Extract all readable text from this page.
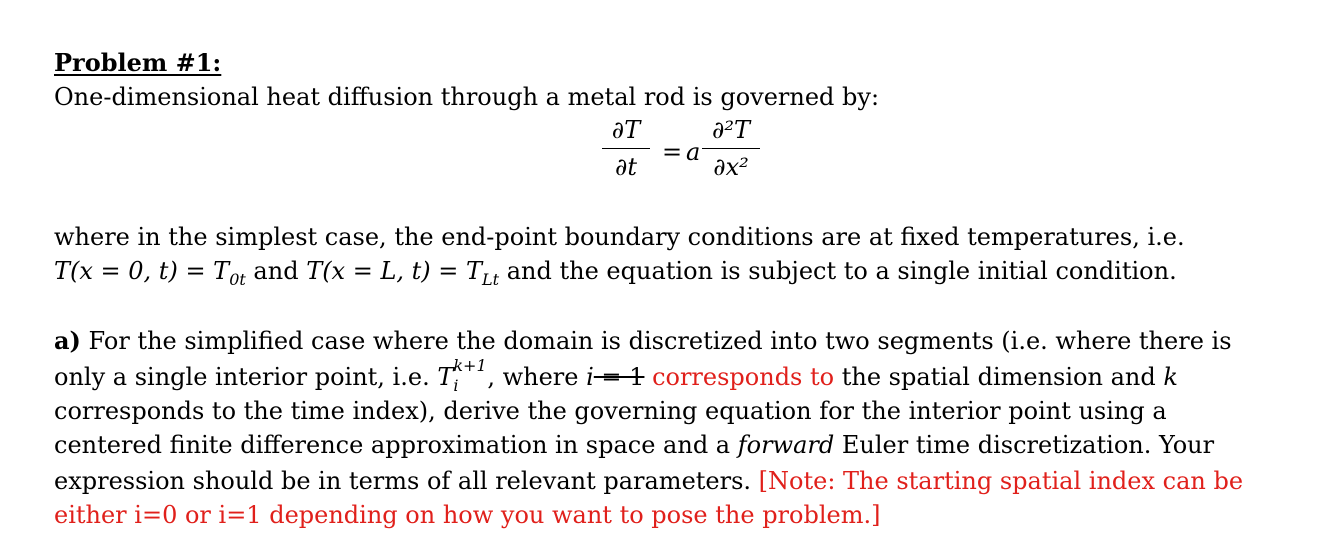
Problem #1:
One-dimensional heat diffusion through a metal rod is governed by:
∂T
∂t
= a
∂²T
∂x²
where in the simplest case, the end-point boundary conditions are at fixed temperatures, i.e.
T(x = 0, $t) = T_{0t}$ and T(x = L, $t) = T_{Lt}$ and the equation is subject to a single initial condition.
a) For the simplified case where the domain is discretized into two segments (i.e. where there is
only a single interior point, i.e. T k+1
i , where i = 1 corresponds to the spatial dimension and k
corresponds to the time index), derive the governing equation for the interior point using a
centered finite difference approximation in space and a forward Euler time discretization. Your
expression should be in terms of all relevant parameters. [Note: The starting spatial index can be
either i=0 or i=1 depending on how you want to pose the problem.]
